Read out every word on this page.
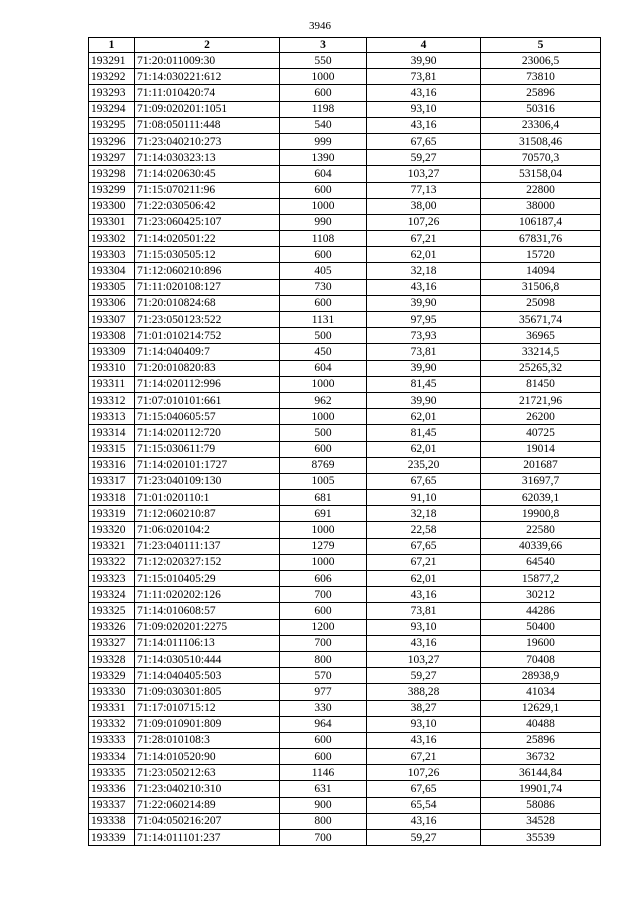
3946
1	2	3	4	5
193291	71:20:011009:30	550	39,90	23006,5
193292	71:14:030221:612	1000	73,81	73810
193293	71:11:010420:74	600	43,16	25896
193294	71:09:020201:1051	1198	93,10	50316
193295	71:08:050111:448	540	43,16	23306,4
193296	71:23:040210:273	999	67,65	31508,46
193297	71:14:030323:13	1390	59,27	70570,3
193298	71:14:020630:45	604	103,27	53158,04
193299	71:15:070211:96	600	77,13	22800
193300	71:22:030506:42	1000	38,00	38000
193301	71:23:060425:107	990	107,26	106187,4
193302	71:14:020501:22	1108	67,21	67831,76
193303	71:15:030505:12	600	62,01	15720
193304	71:12:060210:896	405	32,18	14094
193305	71:11:020108:127	730	43,16	31506,8
193306	71:20:010824:68	600	39,90	25098
193307	71:23:050123:522	1131	97,95	35671,74
193308	71:01:010214:752	500	73,93	36965
193309	71:14:040409:7	450	73,81	33214,5
193310	71:20:010820:83	604	39,90	25265,32
193311	71:14:020112:996	1000	81,45	81450
193312	71:07:010101:661	962	39,90	21721,96
193313	71:15:040605:57	1000	62,01	26200
193314	71:14:020112:720	500	81,45	40725
193315	71:15:030611:79	600	62,01	19014
193316	71:14:020101:1727	8769	235,20	201687
193317	71:23:040109:130	1005	67,65	31697,7
193318	71:01:020110:1	681	91,10	62039,1
193319	71:12:060210:87	691	32,18	19900,8
193320	71:06:020104:2	1000	22,58	22580
193321	71:23:040111:137	1279	67,65	40339,66
193322	71:12:020327:152	1000	67,21	64540
193323	71:15:010405:29	606	62,01	15877,2
193324	71:11:020202:126	700	43,16	30212
193325	71:14:010608:57	600	73,81	44286
193326	71:09:020201:2275	1200	93,10	50400
193327	71:14:011106:13	700	43,16	19600
193328	71:14:030510:444	800	103,27	70408
193329	71:14:040405:503	570	59,27	28938,9
193330	71:09:030301:805	977	388,28	41034
193331	71:17:010715:12	330	38,27	12629,1
193332	71:09:010901:809	964	93,10	40488
193333	71:28:010108:3	600	43,16	25896
193334	71:14:010520:90	600	67,21	36732
193335	71:23:050212:63	1146	107,26	36144,84
193336	71:23:040210:310	631	67,65	19901,74
193337	71:22:060214:89	900	65,54	58086
193338	71:04:050216:207	800	43,16	34528
193339	71:14:011101:237	700	59,27	35539
